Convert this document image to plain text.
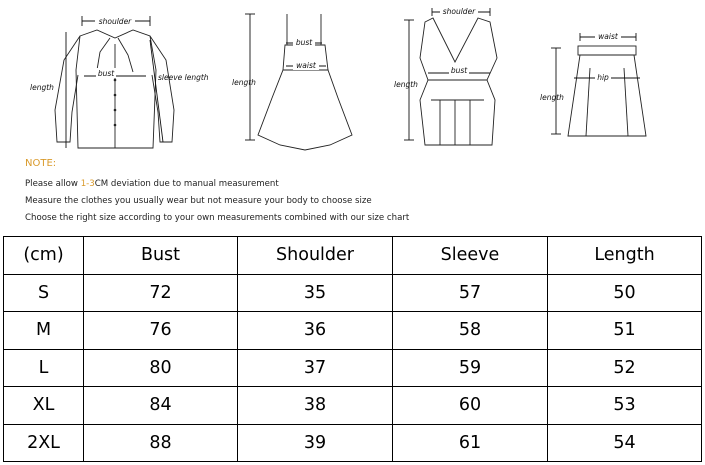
shoulder
bust
length
sleeve length
bust
waist
length
shoulder
bust
length
waist
hip
length
NOTE:
Please allow 1-3CM deviation due to manual measurement
Measure the clothes you usually wear but not measure your body to choose size
Choose the right size according to your own measurements combined with our size chart
(cm)	Bust	Shoulder	Sleeve	Length
S	72	35	57	50
M	76	36	58	51
L	80	37	59	52
XL	84	38	60	53
2XL	88	39	61	54
